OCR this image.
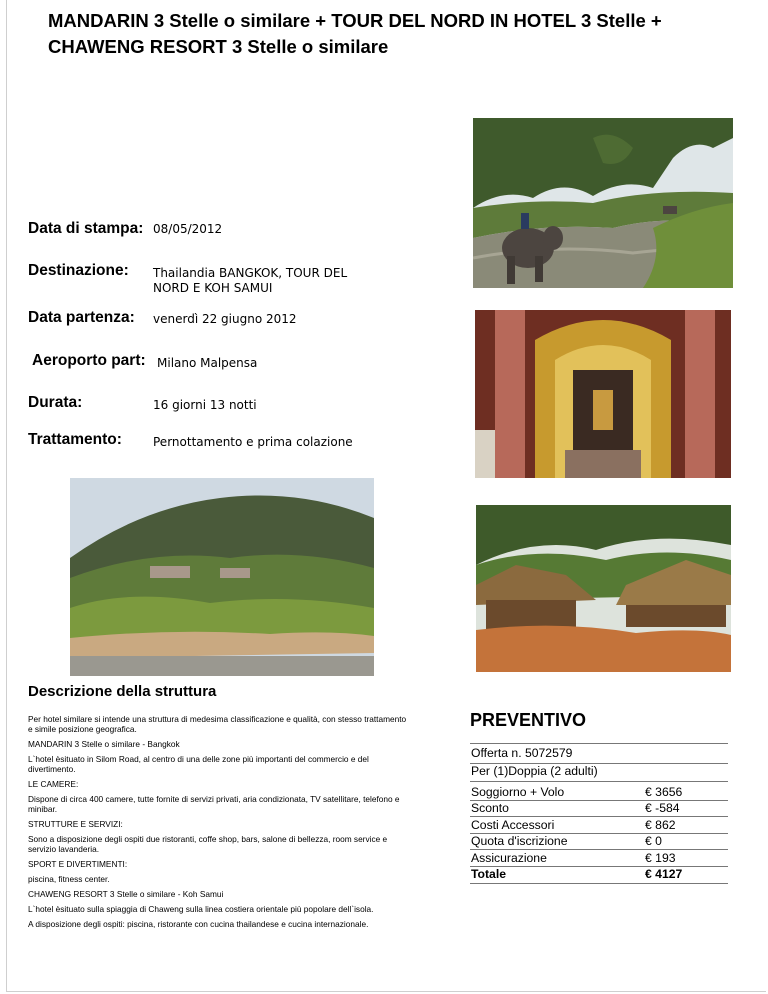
MANDARIN 3 Stelle o similare + TOUR DEL NORD IN HOTEL 3 Stelle + CHAWENG RESORT 3 Stelle o similare
Data di stampa: 08/05/2012
Destinazione: Thailandia BANGKOK, TOUR DEL NORD E KOH SAMUI
Data partenza: venerdì 22 giugno 2012
Aeroporto part: Milano Malpensa
Durata:	16 giorni 13 notti
Trattamento:	Pernottamento e prima colazione
Descrizione della struttura

Per hotel similare si intende una struttura di medesima classificazione e qualità, con stesso trattamento e simile posizione geografica.

MANDARIN 3 Stelle o similare - Bangkok

L`hotel èsituato in Silom Road, al centro di una delle zone più importanti del commercio e del divertimento.

LE CAMERE:

Dispone di circa 400 camere, tutte fornite di servizi privati, aria condizionata, TV satellitare, telefono e minibar.

STRUTTURE E SERVIZI:

Sono a disposizione degli ospiti due ristoranti, coffe shop, bars, salone di bellezza, room service e servizio lavanderia.

SPORT E DIVERTIMENTI:

piscina, fitness center.

CHAWENG RESORT 3 Stelle o similare - Koh Samui

L`hotel èsituato sulla spiaggia di Chaweng sulla linea costiera orientale più popolare dell`isola.

A disposizione degli ospiti: piscina, ristorante con cucina thailandese e cucina internazionale.

PREVENTIVO
Offerta n. 5072579
Per (1)Doppia (2 adulti)
Soggiorno + Volo	€ 3656
Sconto	€ -584
Costi Accessori	€ 862
Quota d'iscrizione	€ 0
Assicurazione	€ 193
Totale	€ 4127
